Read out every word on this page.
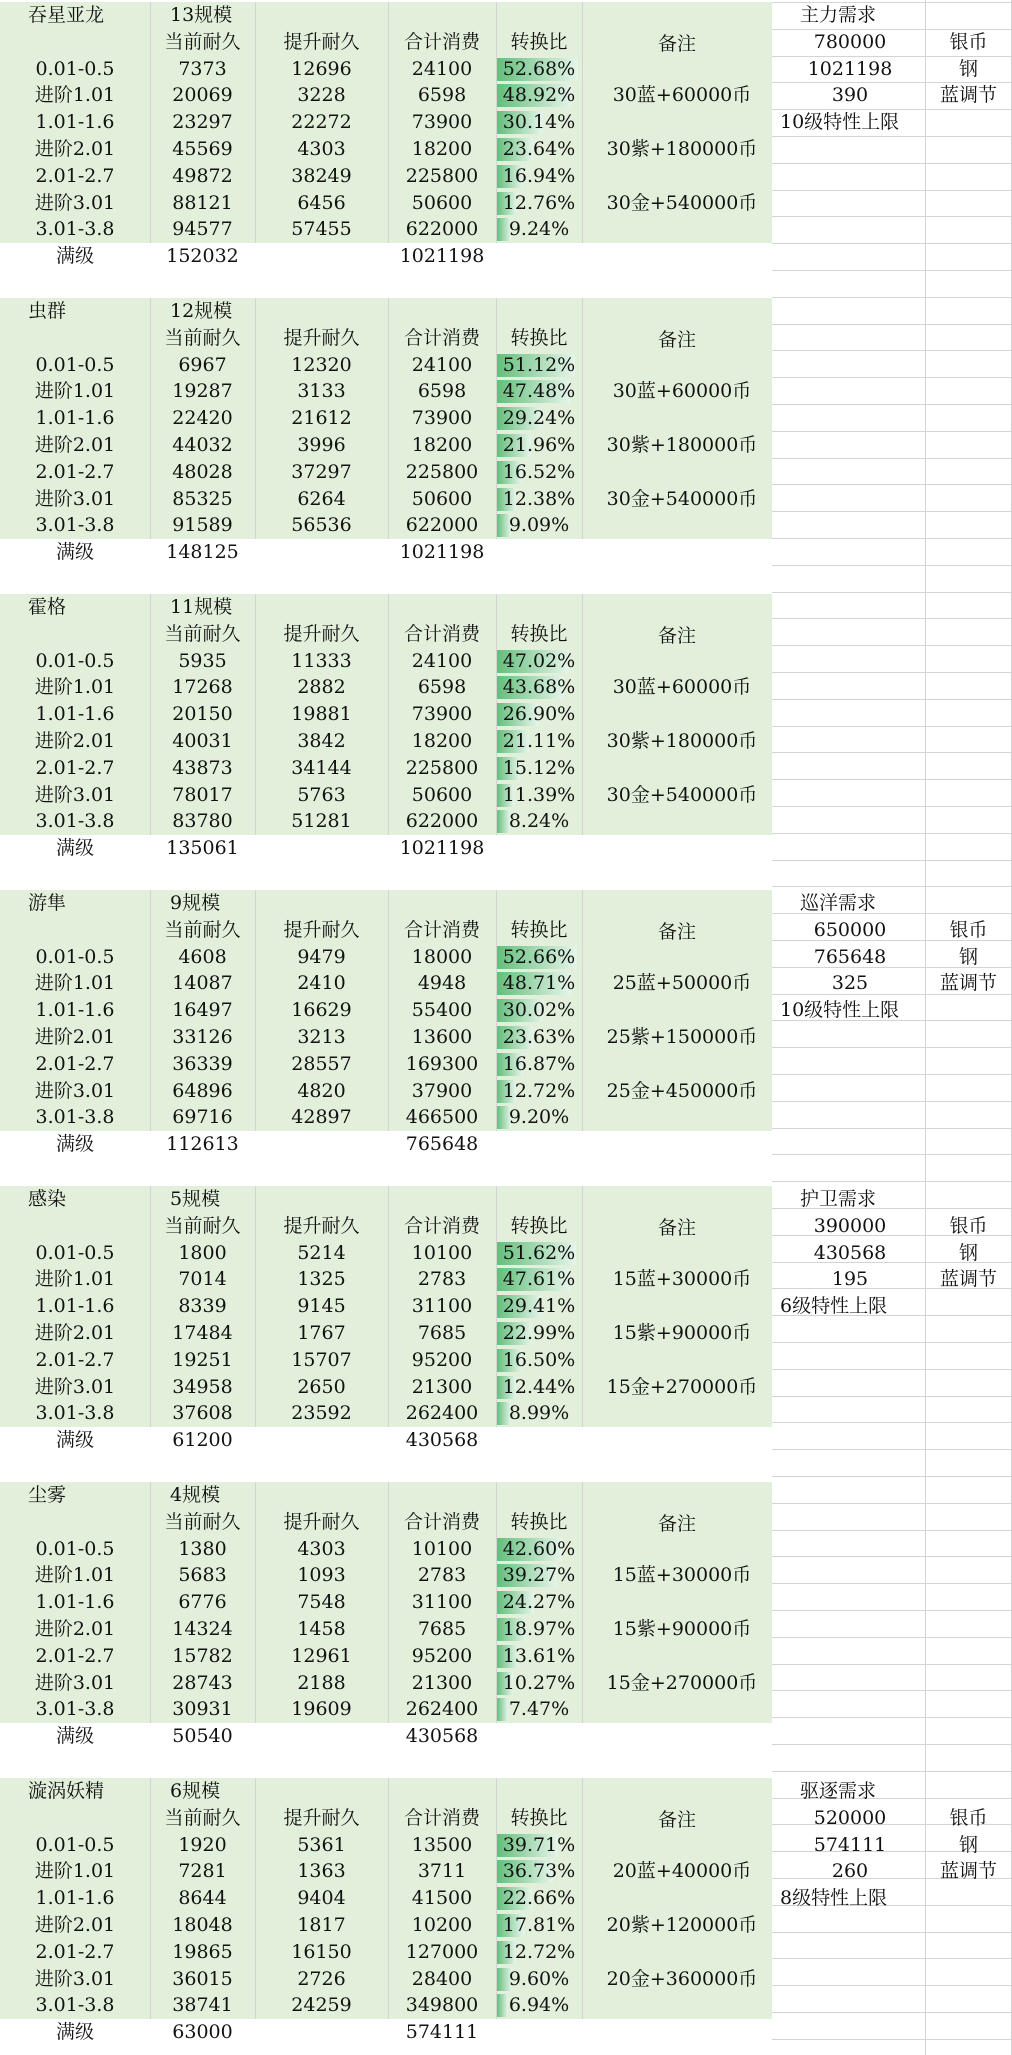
吞星亚龙	13规模
当前耐久	提升耐久	合计消费	转换比	备注
0.01-0.5	7373	12696	24100	52.68%
进阶1.01	20069	3228	6598	48.92%	30蓝+60000币
1.01-1.6	23297	22272	73900	30.14%
进阶2.01	45569	4303	18200	23.64%	30紫+180000币
2.01-2.7	49872	38249	225800	16.94%
进阶3.01	88121	6456	50600	12.76%	30金+540000币
3.01-3.8	94577	57455	622000	9.24%
满级	152032	1021198
主力需求
780000	银币
1021198	钢
390	蓝调节
10级特性上限
虫群	12规模
当前耐久	提升耐久	合计消费	转换比	备注
0.01-0.5	6967	12320	24100	51.12%
进阶1.01	19287	3133	6598	47.48%	30蓝+60000币
1.01-1.6	22420	21612	73900	29.24%
进阶2.01	44032	3996	18200	21.96%	30紫+180000币
2.01-2.7	48028	37297	225800	16.52%
进阶3.01	85325	6264	50600	12.38%	30金+540000币
3.01-3.8	91589	56536	622000	9.09%
满级	148125	1021198
霍格	11规模
当前耐久	提升耐久	合计消费	转换比	备注
0.01-0.5	5935	11333	24100	47.02%
进阶1.01	17268	2882	6598	43.68%	30蓝+60000币
1.01-1.6	20150	19881	73900	26.90%
进阶2.01	40031	3842	18200	21.11%	30紫+180000币
2.01-2.7	43873	34144	225800	15.12%
进阶3.01	78017	5763	50600	11.39%	30金+540000币
3.01-3.8	83780	51281	622000	8.24%
满级	135061	1021198
游隼	9规模
当前耐久	提升耐久	合计消费	转换比	备注
0.01-0.5	4608	9479	18000	52.66%
进阶1.01	14087	2410	4948	48.71%	25蓝+50000币
1.01-1.6	16497	16629	55400	30.02%
进阶2.01	33126	3213	13600	23.63%	25紫+150000币
2.01-2.7	36339	28557	169300	16.87%
进阶3.01	64896	4820	37900	12.72%	25金+450000币
3.01-3.8	69716	42897	466500	9.20%
满级	112613	765648
巡洋需求
650000	银币
765648	钢
325	蓝调节
10级特性上限
感染	5规模
当前耐久	提升耐久	合计消费	转换比	备注
0.01-0.5	1800	5214	10100	51.62%
进阶1.01	7014	1325	2783	47.61%	15蓝+30000币
1.01-1.6	8339	9145	31100	29.41%
进阶2.01	17484	1767	7685	22.99%	15紫+90000币
2.01-2.7	19251	15707	95200	16.50%
进阶3.01	34958	2650	21300	12.44%	15金+270000币
3.01-3.8	37608	23592	262400	8.99%
满级	61200	430568
护卫需求
390000	银币
430568	钢
195	蓝调节
6级特性上限
尘雾	4规模
当前耐久	提升耐久	合计消费	转换比	备注
0.01-0.5	1380	4303	10100	42.60%
进阶1.01	5683	1093	2783	39.27%	15蓝+30000币
1.01-1.6	6776	7548	31100	24.27%
进阶2.01	14324	1458	7685	18.97%	15紫+90000币
2.01-2.7	15782	12961	95200	13.61%
进阶3.01	28743	2188	21300	10.27%	15金+270000币
3.01-3.8	30931	19609	262400	7.47%
满级	50540	430568
漩涡妖精	6规模
当前耐久	提升耐久	合计消费	转换比	备注
0.01-0.5	1920	5361	13500	39.71%
进阶1.01	7281	1363	3711	36.73%	20蓝+40000币
1.01-1.6	8644	9404	41500	22.66%
进阶2.01	18048	1817	10200	17.81%	20紫+120000币
2.01-2.7	19865	16150	127000	12.72%
进阶3.01	36015	2726	28400	9.60%	20金+360000币
3.01-3.8	38741	24259	349800	6.94%
满级	63000	574111
驱逐需求
520000	银币
574111	钢
260	蓝调节
8级特性上限
